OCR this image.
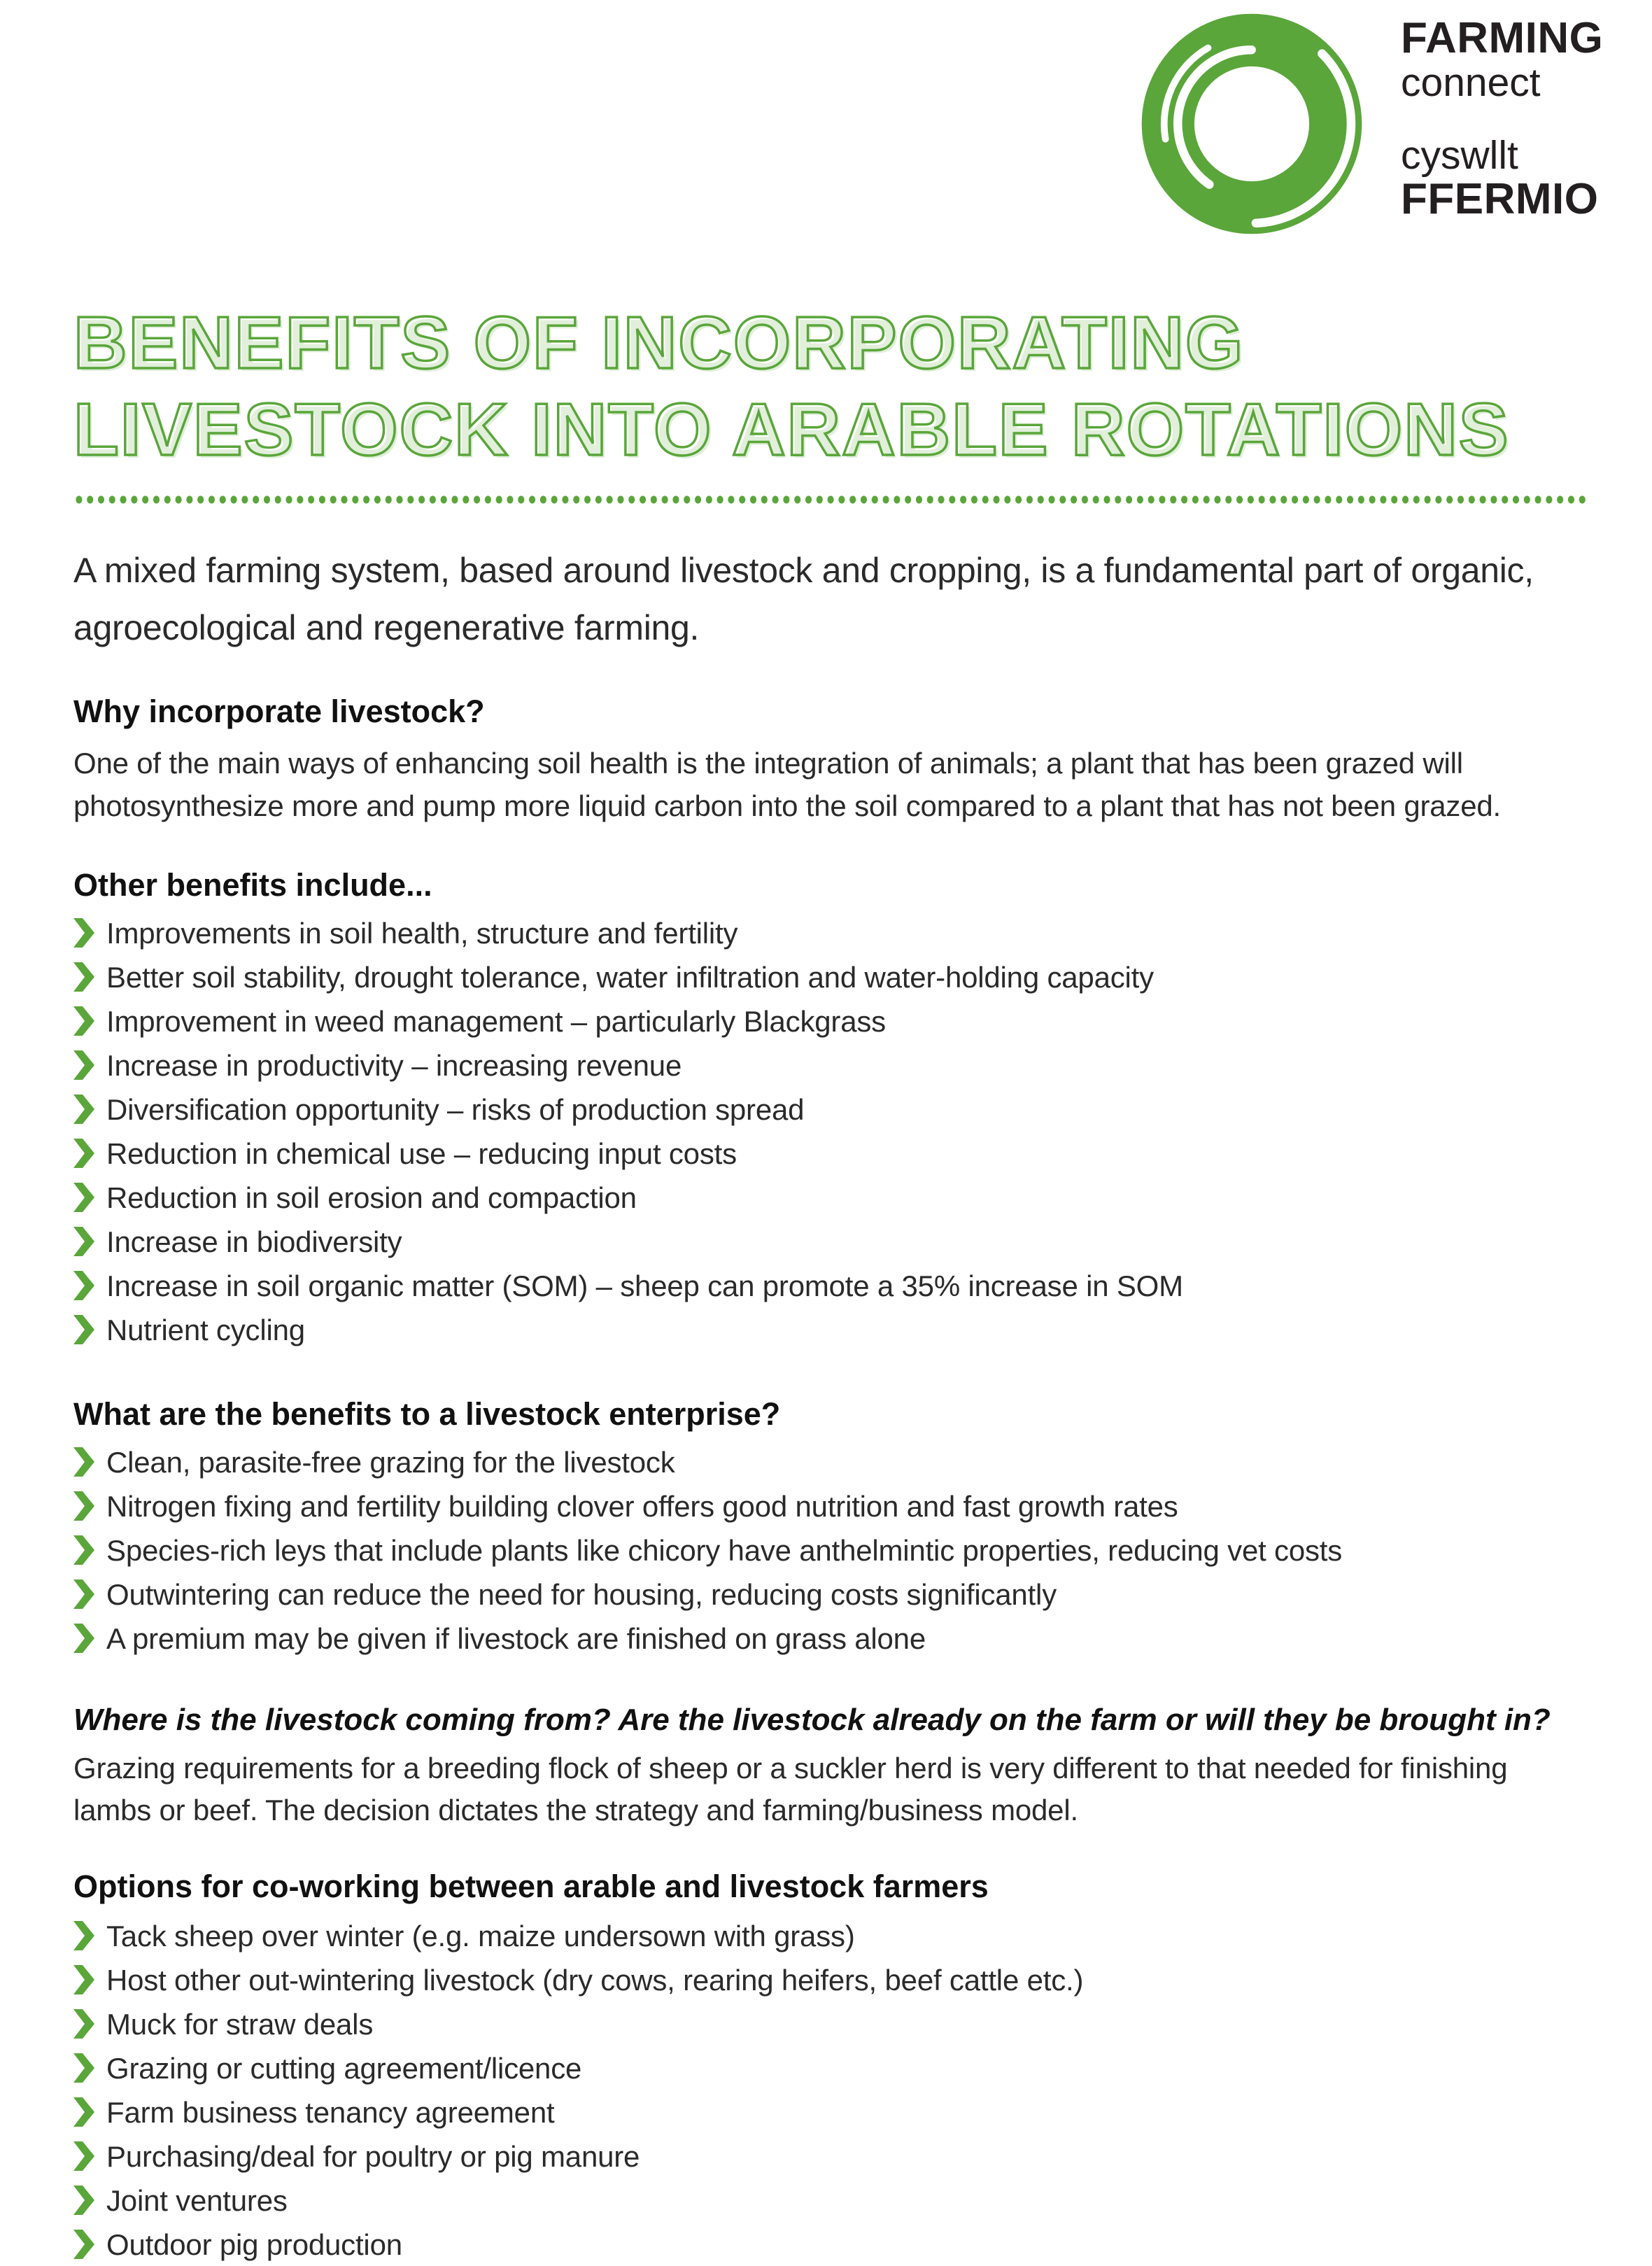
FARMING
connect
cyswllt
FFERMIO
BENEFITS OF INCORPORATING
LIVESTOCK INTO ARABLE ROTATIONS
A mixed farming system, based around livestock and cropping, is a fundamental part of organic, agroecological and regenerative farming.
Why incorporate livestock?
One of the main ways of enhancing soil health is the integration of animals; a plant that has been grazed will photosynthesize more and pump more liquid carbon into the soil compared to a plant that has not been grazed.
Other benefits include...
Improvements in soil health, structure and fertility
Better soil stability, drought tolerance, water infiltration and water-holding capacity
Improvement in weed management – particularly Blackgrass
Increase in productivity – increasing revenue
Diversification opportunity – risks of production spread
Reduction in chemical use – reducing input costs
Reduction in soil erosion and compaction
Increase in biodiversity
Increase in soil organic matter (SOM) – sheep can promote a 35% increase in SOM
Nutrient cycling
What are the benefits to a livestock enterprise?
Clean, parasite-free grazing for the livestock
Nitrogen fixing and fertility building clover offers good nutrition and fast growth rates
Species-rich leys that include plants like chicory have anthelmintic properties, reducing vet costs
Outwintering can reduce the need for housing, reducing costs significantly
A premium may be given if livestock are finished on grass alone
Where is the livestock coming from? Are the livestock already on the farm or will they be brought in?
Grazing requirements for a breeding flock of sheep or a suckler herd is very different to that needed for finishing lambs or beef. The decision dictates the strategy and farming/business model.
Options for co-working between arable and livestock farmers
Tack sheep over winter (e.g. maize undersown with grass)
Host other out-wintering livestock (dry cows, rearing heifers, beef cattle etc.)
Muck for straw deals
Grazing or cutting agreement/licence
Farm business tenancy agreement
Purchasing/deal for poultry or pig manure
Joint ventures
Outdoor pig production
